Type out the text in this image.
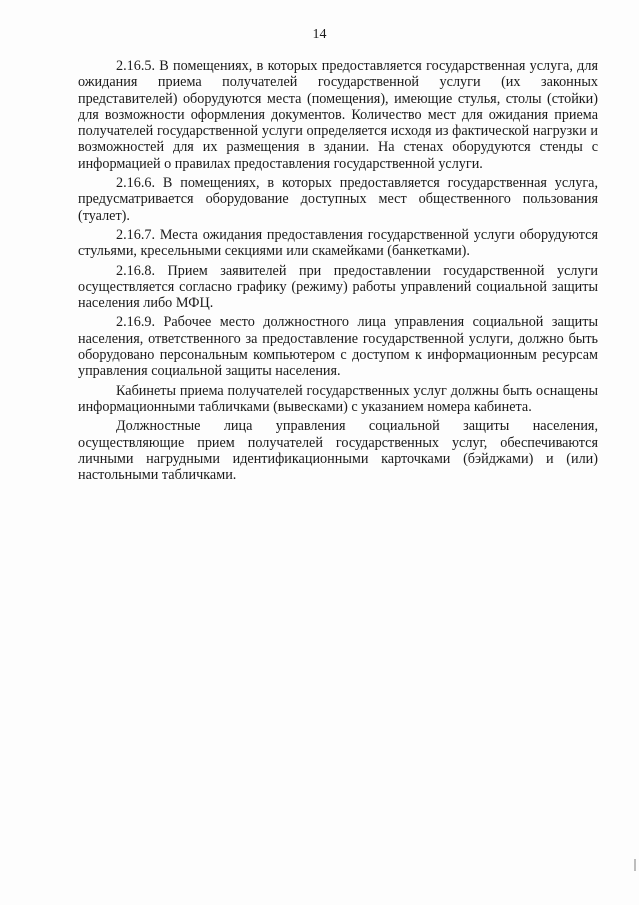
14

2.16.5. В помещениях, в которых предоставляется государственная услуга, для ожидания приема получателей государственной услуги (их законных представителей) оборудуются места (помещения), имеющие стулья, столы (стойки) для возможности оформления документов. Количество мест для ожидания приема получателей государственной услуги определяется исходя из фактической нагрузки и возможностей для их размещения в здании. На стенах оборудуются стенды с информацией о правилах предоставления государственной услуги.

2.16.6. В помещениях, в которых предоставляется государственная услуга, предусматривается оборудование доступных мест общественного пользования (туалет).

2.16.7. Места ожидания предоставления государственной услуги оборудуются стульями, кресельными секциями или скамейками (банкетками).

2.16.8. Прием заявителей при предоставлении государственной услуги осуществляется согласно графику (режиму) работы управлений социальной защиты населения либо МФЦ.

2.16.9. Рабочее место должностного лица управления социальной защиты населения, ответственного за предоставление государственной услуги, должно быть оборудовано персональным компьютером с доступом к информационным ресурсам управления социальной защиты населения.

Кабинеты приема получателей государственных услуг должны быть оснащены информационными табличками (вывесками) с указанием номера кабинета.

Должностные лица управления социальной защиты населения, осуществляющие прием получателей государственных услуг, обеспечиваются личными нагрудными идентификационными карточками (бэйджами) и (или) настольными табличками.
